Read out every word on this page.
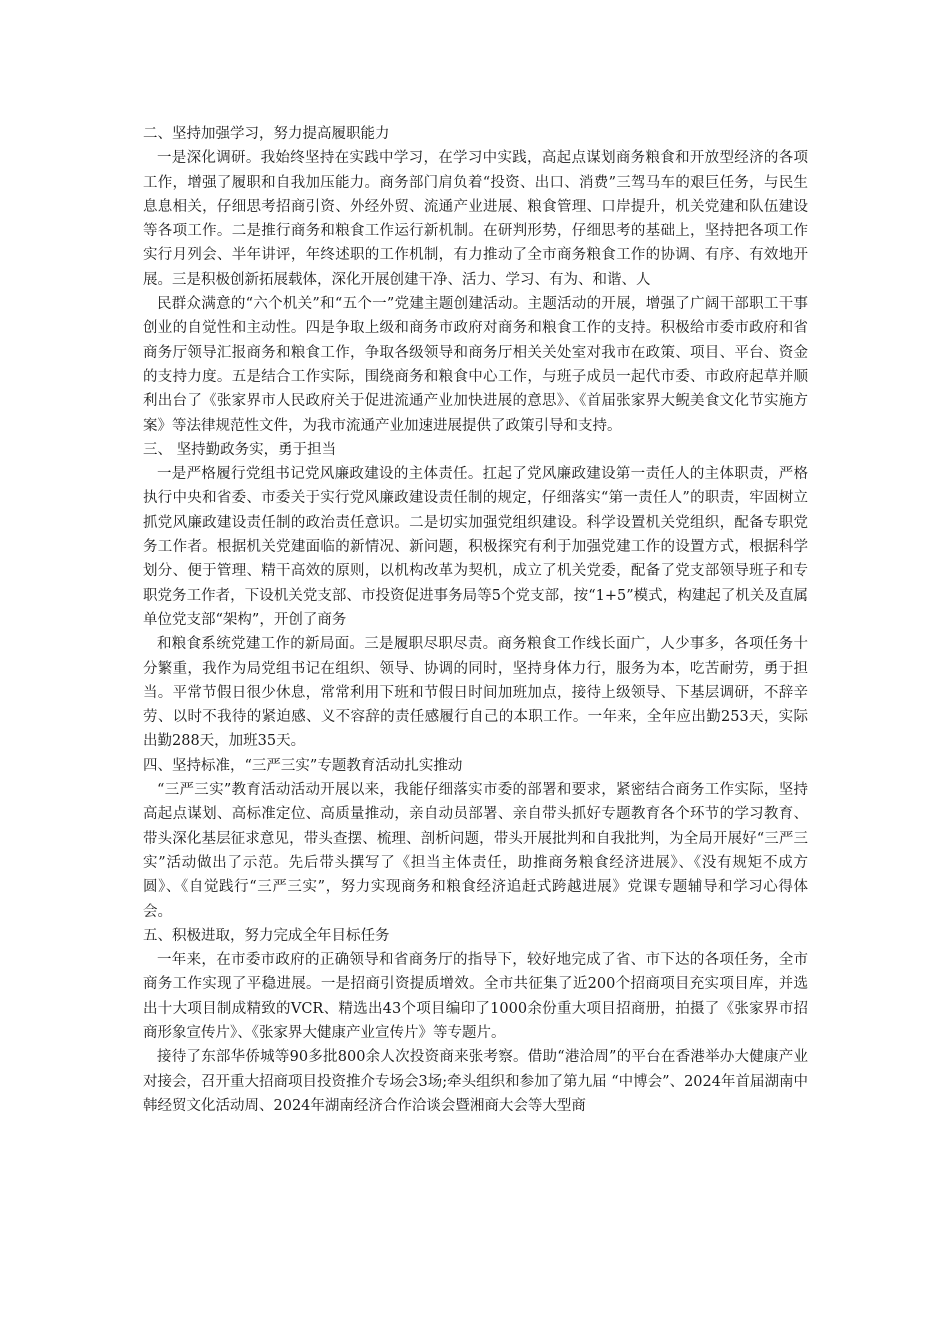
二、坚持加强学习，努力提高履职能力
一是深化调研。我始终坚持在实践中学习，在学习中实践，高起点谋划商务粮食和开放型经济的各项工作，增强了履职和自我加压能力。商务部门肩负着“投资、出口、消费”三驾马车的艰巨任务，与民生息息相关，仔细思考招商引资、外经外贸、流通产业进展、粮食管理、口岸提升，机关党建和队伍建设等各项工作。二是推行商务和粮食工作运行新机制。在研判形势，仔细思考的基础上，坚持把各项工作实行月列会、半年讲评，年终述职的工作机制，有力推动了全市商务粮食工作的协调、有序、有效地开展。三是积极创新拓展载体，深化开展创建干净、活力、学习、有为、和谐、人
民群众满意的“六个机关”和“五个一”党建主题创建活动。主题活动的开展，增强了广阔干部职工干事创业的自觉性和主动性。四是争取上级和商务市政府对商务和粮食工作的支持。积极给市委市政府和省商务厅领导汇报商务和粮食工作，争取各级领导和商务厅相关关处室对我市在政策、项目、平台、资金的支持力度。五是结合工作实际，围绕商务和粮食中心工作，与班子成员一起代市委、市政府起草并顺利出台了《张家界市人民政府关于促进流通产业加快进展的意思》、《首届张家界大鲵美食文化节实施方案》等法律规范性文件，为我市流通产业加速进展提供了政策引导和支持。
三、 坚持勤政务实，勇于担当
一是严格履行党组书记党风廉政建设的主体责任。扛起了党风廉政建设第一责任人的主体职责，严格执行中央和省委、市委关于实行党风廉政建设责任制的规定，仔细落实“第一责任人”的职责，牢固树立抓党风廉政建设责任制的政治责任意识。二是切实加强党组织建设。科学设置机关党组织，配备专职党务工作者。根据机关党建面临的新情况、新问题，积极探究有利于加强党建工作的设置方式，根据科学划分、便于管理、精干高效的原则，以机构改革为契机，成立了机关党委，配备了党支部领导班子和专职党务工作者，下设机关党支部、市投资促进事务局等5个党支部，按“1+5”模式，构建起了机关及直属单位党支部“架构”，开创了商务
和粮食系统党建工作的新局面。三是履职尽职尽责。商务粮食工作线长面广，人少事多，各项任务十分繁重，我作为局党组书记在组织、领导、协调的同时，坚持身体力行，服务为本，吃苦耐劳，勇于担当。平常节假日很少休息，常常利用下班和节假日时间加班加点，接待上级领导、下基层调研，不辞辛劳、以时不我待的紧迫感、义不容辞的责任感履行自己的本职工作。一年来，全年应出勤253天，实际出勤288天，加班35天。
四、坚持标准，“三严三实”专题教育活动扎实推动
“三严三实”教育活动活动开展以来，我能仔细落实市委的部署和要求，紧密结合商务工作实际，坚持高起点谋划、高标准定位、高质量推动，亲自动员部署、亲自带头抓好专题教育各个环节的学习教育、带头深化基层征求意见，带头查摆、梳理、剖析问题，带头开展批判和自我批判，为全局开展好“三严三实”活动做出了示范。先后带头撰写了《担当主体责任，助推商务粮食经济进展》、《没有规矩不成方圆》、《自觉践行“三严三实”，努力实现商务和粮食经济追赶式跨越进展》党课专题辅导和学习心得体会。
五、积极进取，努力完成全年目标任务
一年来，在市委市政府的正确领导和省商务厅的指导下，较好地完成了省、市下达的各项任务，全市商务工作实现了平稳进展。一是招商引资提质增效。全市共征集了近200个招商项目充实项目库，并选出十大项目制成精致的VCR、精选出43个项目编印了1000余份重大项目招商册，拍摄了《张家界市招商形象宣传片》、《张家界大健康产业宣传片》等专题片。
接待了东部华侨城等90多批800余人次投资商来张考察。借助“港洽周”的平台在香港举办大健康产业对接会，召开重大招商项目投资推介专场会3场;牵头组织和参加了第九届 “中博会”、2024年首届湖南中韩经贸文化活动周、2024年湖南经济合作洽谈会暨湘商大会等大型商
